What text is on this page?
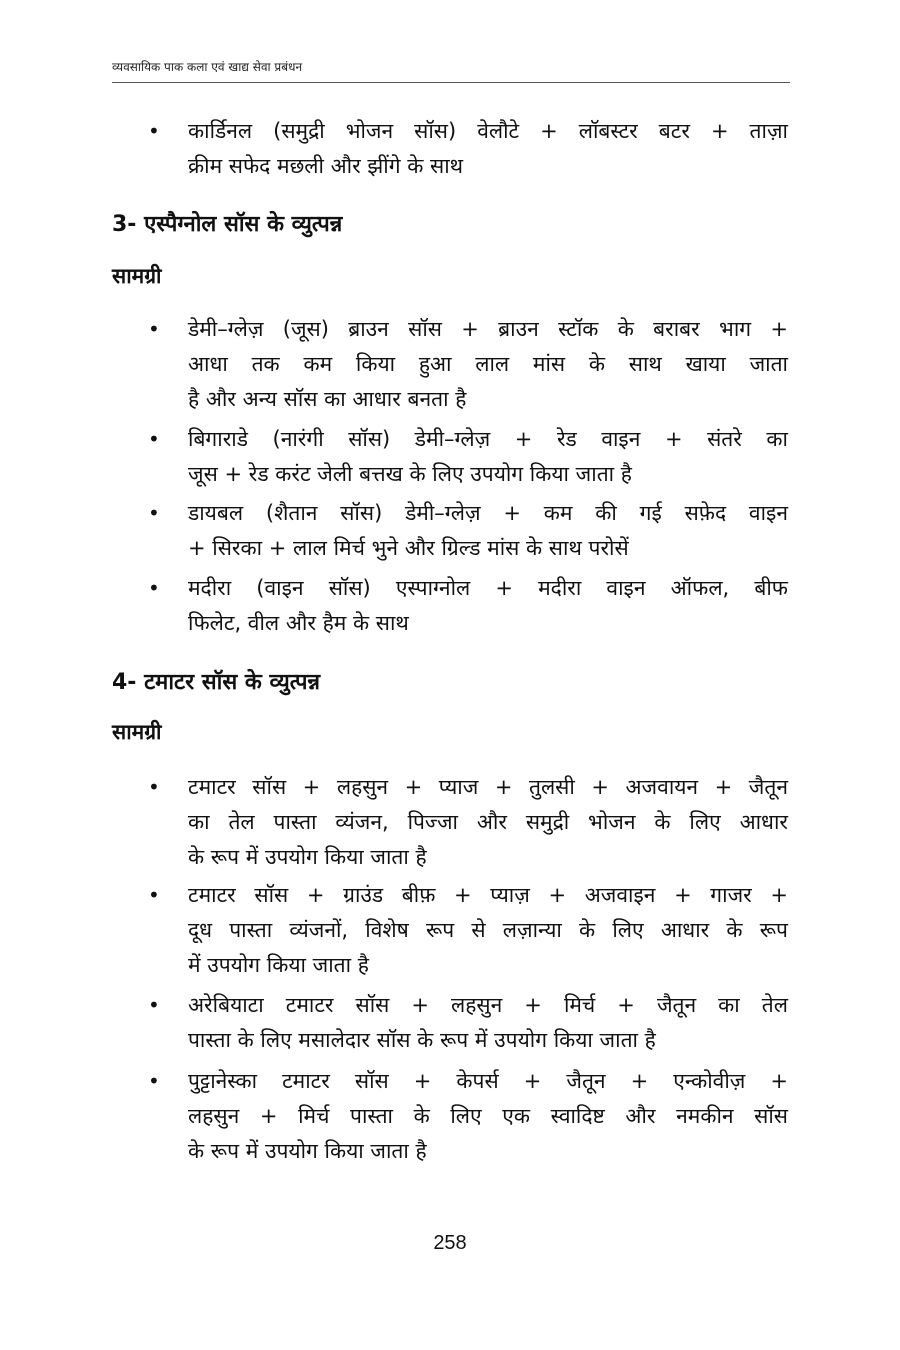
व्यवसायिक पाक कला एवं खाद्य सेवा प्रबंधन
• कार्डिनल (समुद्री भोजन सॉस) वेलौटे + लॉबस्टर बटर + ताज़ा
क्रीम सफेद मछली और झींगे के साथ
3- एस्पैग्नोल सॉस के व्युत्पन्न
सामग्री
• डेमी–ग्लेज़ (जूस) ब्राउन सॉस + ब्राउन स्टॉक के बराबर भाग +
आधा तक कम किया हुआ लाल मांस के साथ खाया जाता
है और अन्य सॉस का आधार बनता है
• बिगाराडे (नारंगी सॉस) डेमी–ग्लेज़ + रेड वाइन + संतरे का
जूस + रेड करंट जेली बत्तख के लिए उपयोग किया जाता है
• डायबल (शैतान सॉस) डेमी–ग्लेज़ + कम की गई सफ़ेद वाइन
+ सिरका + लाल मिर्च भुने और ग्रिल्ड मांस के साथ परोसें
• मदीरा (वाइन सॉस) एस्पाग्नोल + मदीरा वाइन ऑफल, बीफ
फिलेट, वील और हैम के साथ
4- टमाटर सॉस के व्युत्पन्न
सामग्री
• टमाटर सॉस + लहसुन + प्याज + तुलसी + अजवायन + जैतून
का तेल पास्ता व्यंजन, पिज्जा और समुद्री भोजन के लिए आधार
के रूप में उपयोग किया जाता है
• टमाटर सॉस + ग्राउंड बीफ़ + प्याज़ + अजवाइन + गाजर +
दूध पास्ता व्यंजनों, विशेष रूप से लज़ान्या के लिए आधार के रूप
में उपयोग किया जाता है
• अरेबियाटा टमाटर सॉस + लहसुन + मिर्च + जैतून का तेल
पास्ता के लिए मसालेदार सॉस के रूप में उपयोग किया जाता है
• पुट्टानेस्का टमाटर सॉस + केपर्स + जैतून + एन्कोवीज़ +
लहसुन + मिर्च पास्ता के लिए एक स्वादिष्ट और नमकीन सॉस
के रूप में उपयोग किया जाता है
258
